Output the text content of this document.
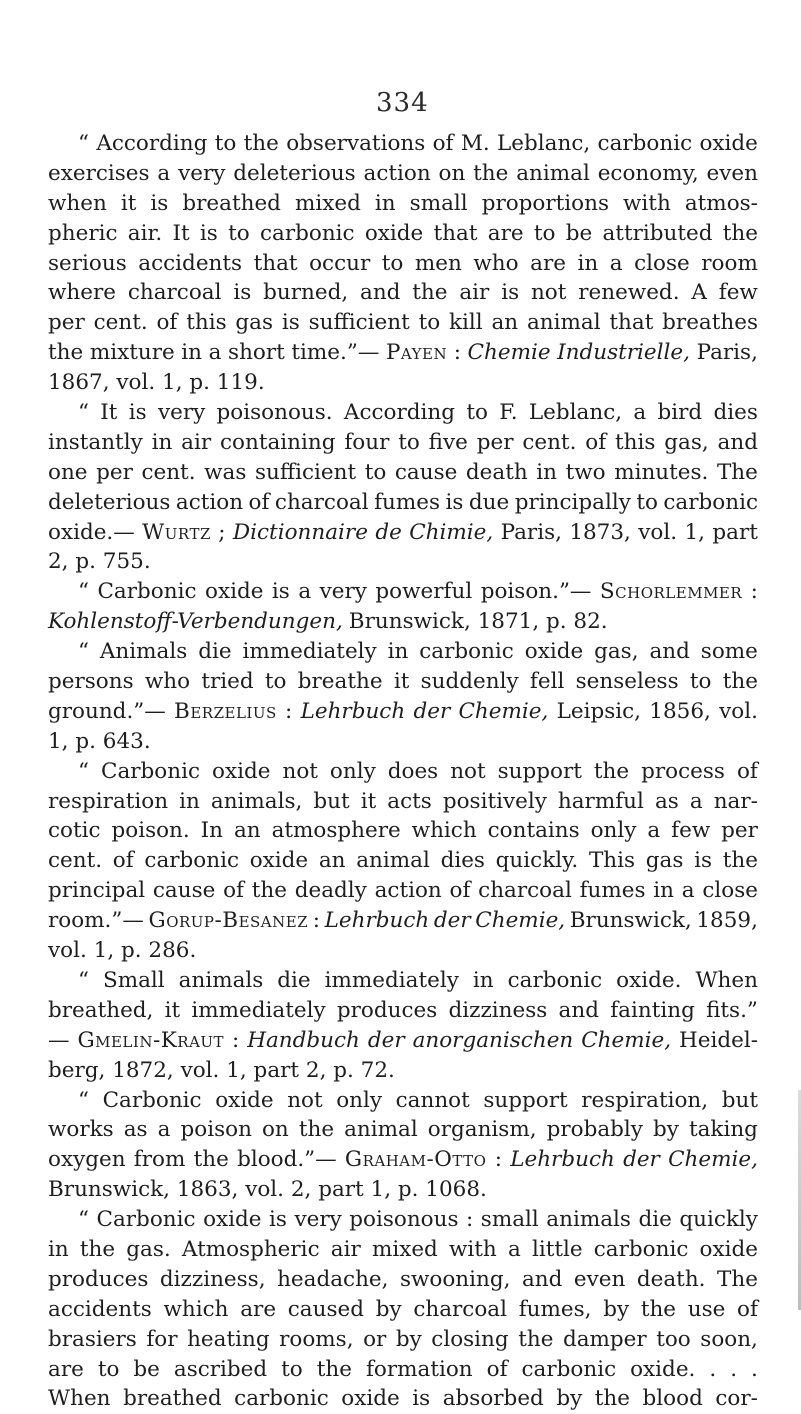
334
“ According to the observations of M. Leblanc, carbonic oxide
exercises a very deleterious action on the animal economy, even
when it is breathed mixed in small proportions with atmos-
pheric air. It is to carbonic oxide that are to be attributed the
serious accidents that occur to men who are in a close room
where charcoal is burned, and the air is not renewed. A few
per cent. of this gas is sufficient to kill an animal that breathes
the mixture in a short time.”— Payen : Chemie Industrielle, Paris,
1867, vol. 1, p. 119.
“ It is very poisonous. According to F. Leblanc, a bird dies
instantly in air containing four to five per cent. of this gas, and
one per cent. was sufficient to cause death in two minutes. The
deleterious action of charcoal fumes is due principally to carbonic
oxide.— Wurtz ; Dictionnaire de Chimie, Paris, 1873, vol. 1, part
2, p. 755.
“ Carbonic oxide is a very powerful poison.”— Schorlemmer :
Kohlenstoff-Verbendungen, Brunswick, 1871, p. 82.
“ Animals die immediately in carbonic oxide gas, and some
persons who tried to breathe it suddenly fell senseless to the
ground.”— Berzelius : Lehrbuch der Chemie, Leipsic, 1856, vol.
1, p. 643.
“ Carbonic oxide not only does not support the process of
respiration in animals, but it acts positively harmful as a nar-
cotic poison. In an atmosphere which contains only a few per
cent. of carbonic oxide an animal dies quickly. This gas is the
principal cause of the deadly action of charcoal fumes in a close
room.”— Gorup-Besanez : Lehrbuch der Chemie, Brunswick, 1859,
vol. 1, p. 286.
“ Small animals die immediately in carbonic oxide. When
breathed, it immediately produces dizziness and fainting fits.”
— Gmelin-Kraut : Handbuch der anorganischen Chemie, Heidel-
berg, 1872, vol. 1, part 2, p. 72.
“ Carbonic oxide not only cannot support respiration, but
works as a poison on the animal organism, probably by taking
oxygen from the blood.”— Graham-Otto : Lehrbuch der Chemie,
Brunswick, 1863, vol. 2, part 1, p. 1068.
“ Carbonic oxide is very poisonous : small animals die quickly
in the gas. Atmospheric air mixed with a little carbonic oxide
produces dizziness, headache, swooning, and even death. The
accidents which are caused by charcoal fumes, by the use of
brasiers for heating rooms, or by closing the damper too soon,
are to be ascribed to the formation of carbonic oxide. . . .
When breathed carbonic oxide is absorbed by the blood cor-
